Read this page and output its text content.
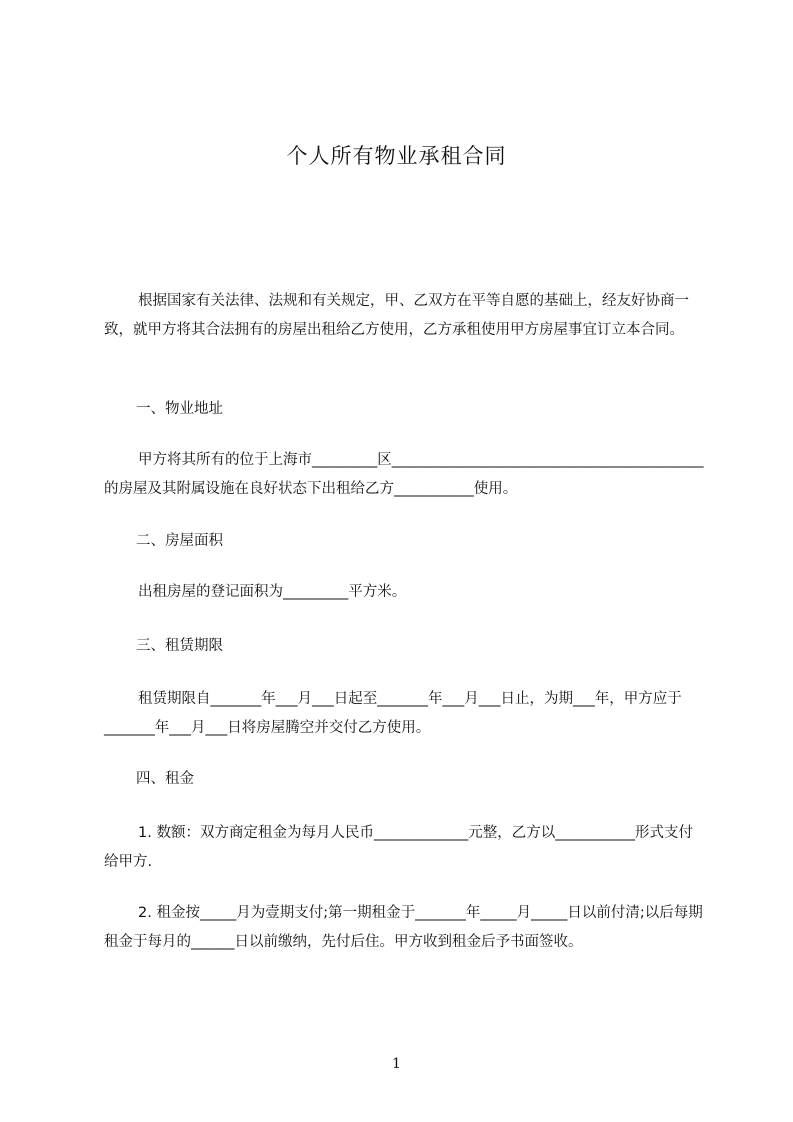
个人所有物业承租合同
根据国家有关法律、法规和有关规定，甲、乙双方在平等自愿的基础上，经友好协商一致，就甲方将其合法拥有的房屋出租给乙方使用，乙方承租使用甲方房屋事宜订立本合同。
一、物业地址
甲方将其所有的位于上海市_________区___________________________________________的房屋及其附属设施在良好状态下出租给乙方___________使用。
二、房屋面积
出租房屋的登记面积为_________平方米。
三、租赁期限
租赁期限自_______年___月___日起至_______年___月___日止，为期___年，甲方应于_______年___月___日将房屋腾空并交付乙方使用。
四、租金
1. 数额：双方商定租金为每月人民币_____________元整，乙方以___________形式支付给甲方.
2. 租金按_____月为壹期支付;第一期租金于_______年_____月_____日以前付清;以后每期租金于每月的______日以前缴纳，先付后住。甲方收到租金后予书面签收。
1
